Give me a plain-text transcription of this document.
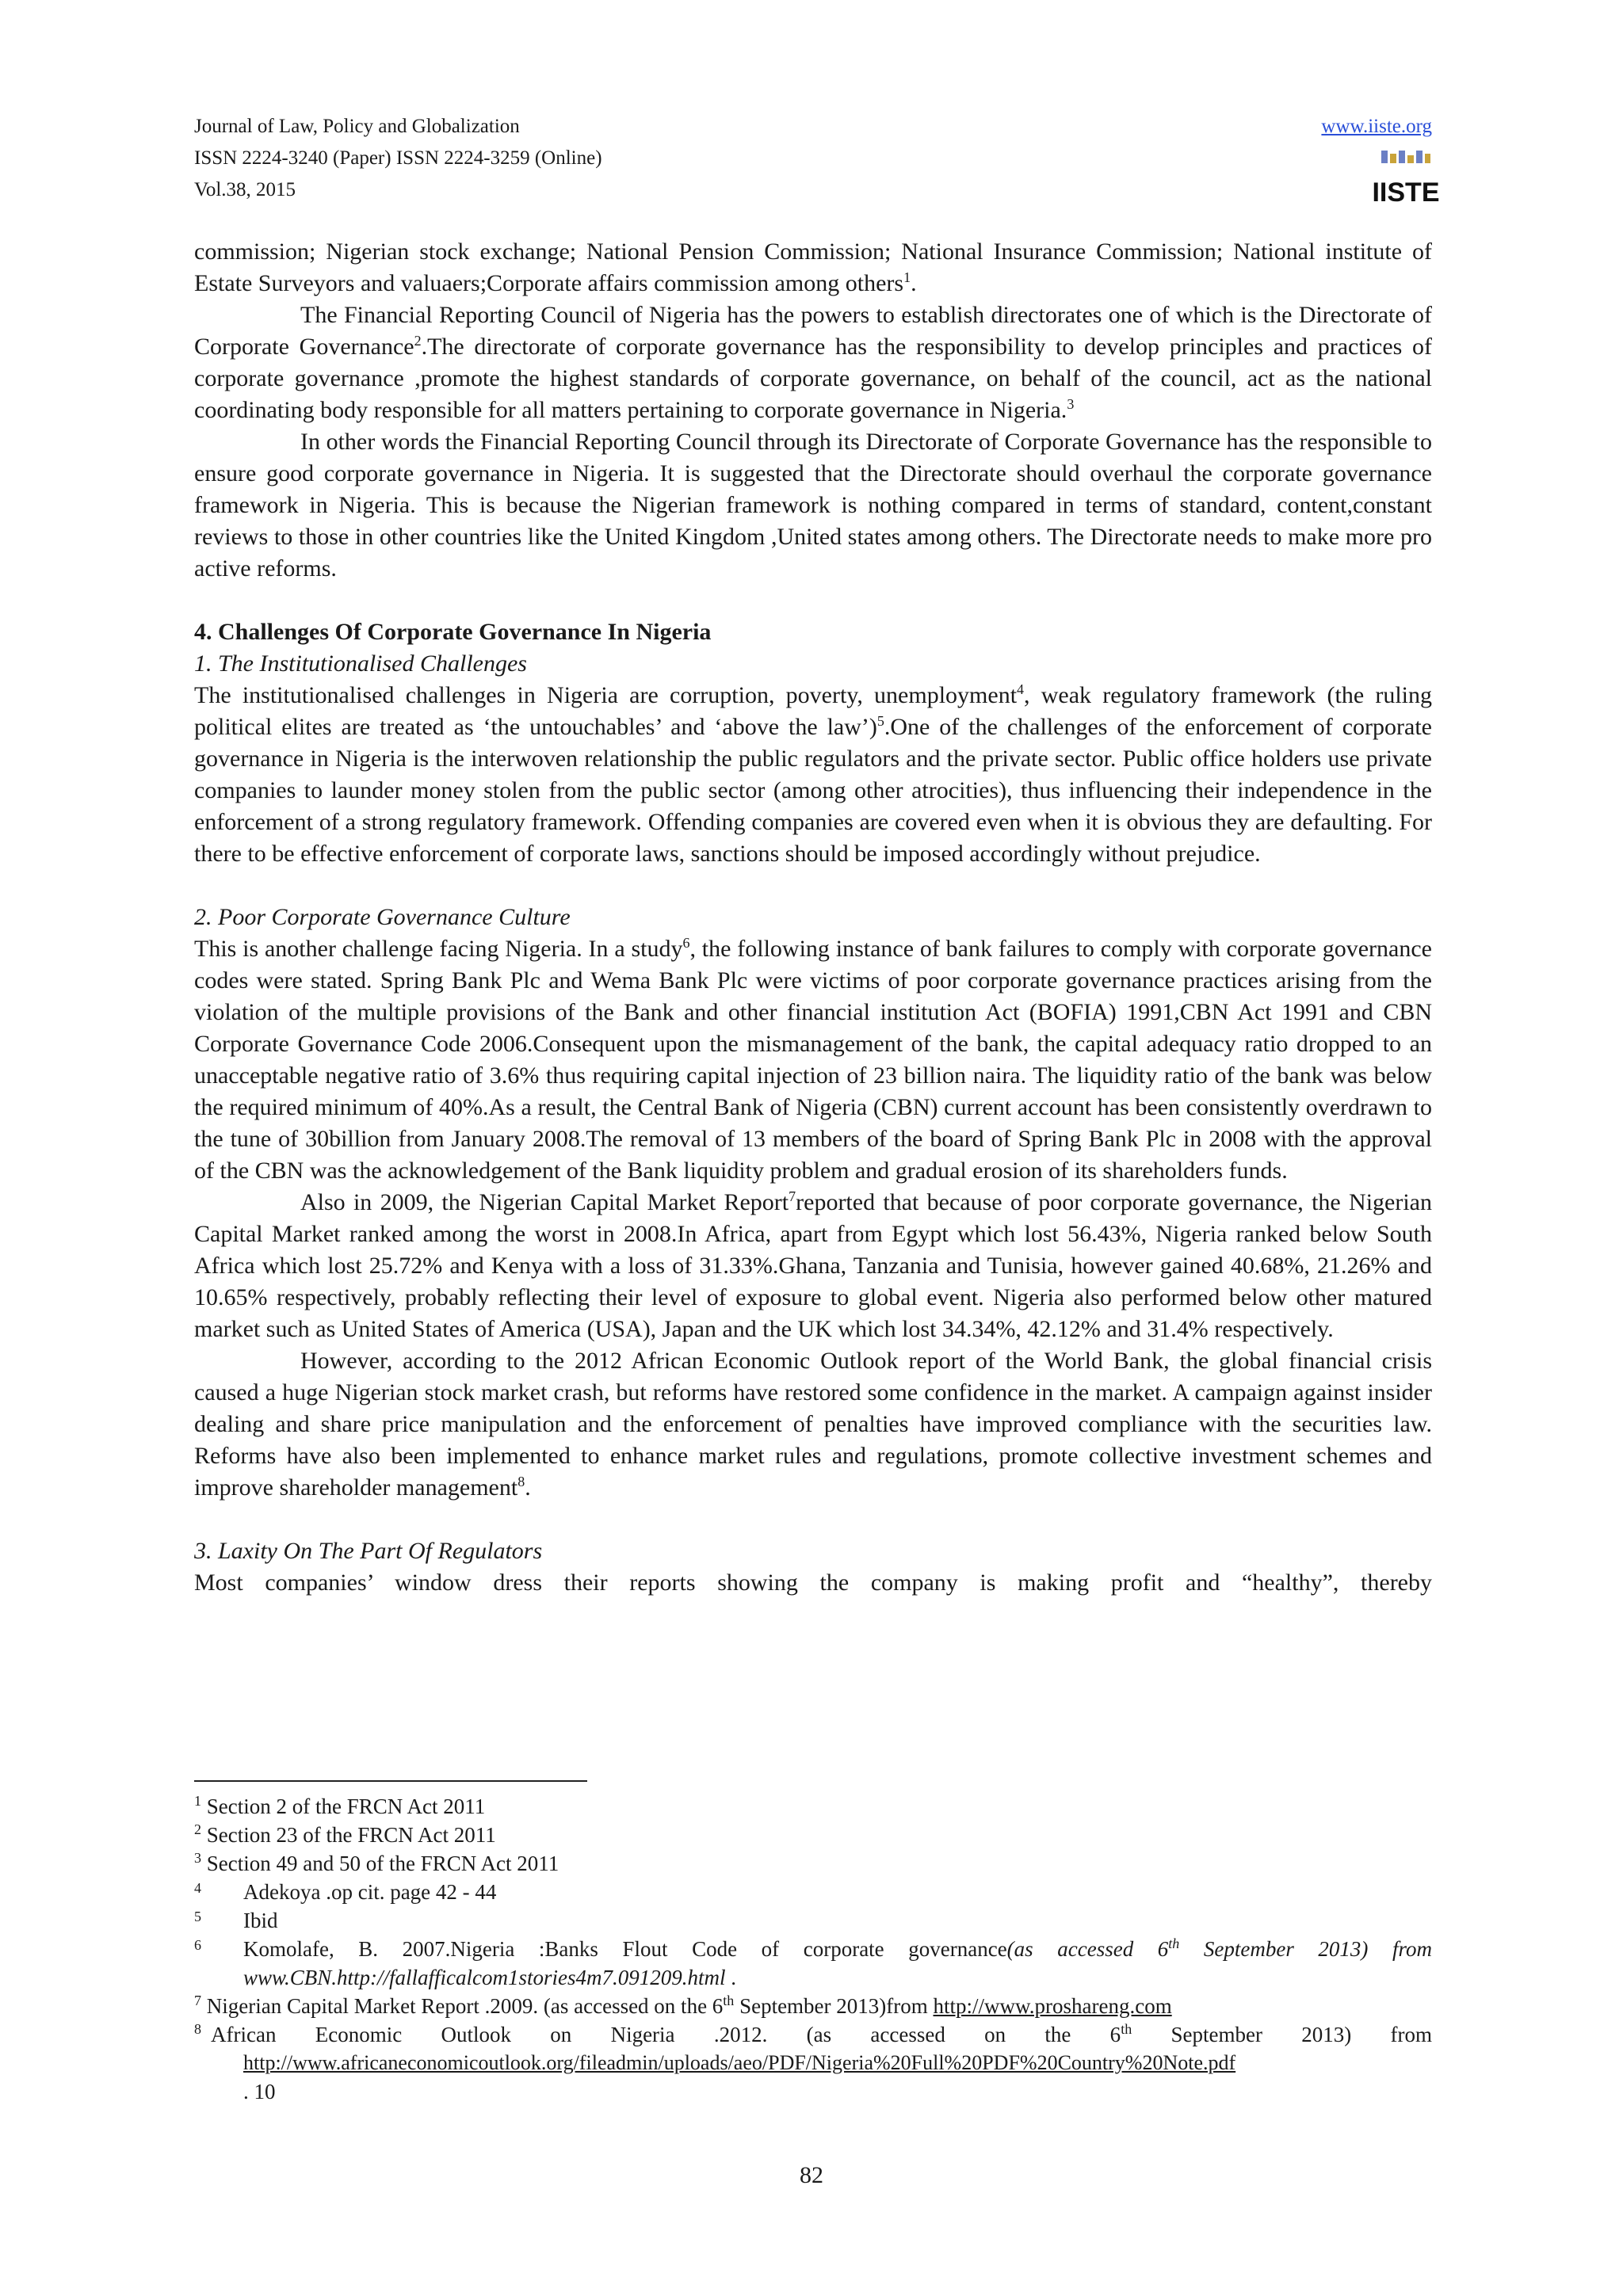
Journal of Law, Policy and Globalization
ISSN 2224-3240 (Paper) ISSN 2224-3259 (Online)
Vol.38, 2015
www.iiste.org
IISTE

commission; Nigerian stock exchange; National Pension Commission; National Insurance Commission; National institute of Estate Surveyors and valuaers;Corporate affairs commission among others$^1$.

The Financial Reporting Council of Nigeria has the powers to establish directorates one of which is the Directorate of Corporate Governance$^2$.The directorate of corporate governance has the responsibility to develop principles and practices of corporate governance ,promote the highest standards of corporate governance, on behalf of the council, act as the national coordinating body responsible for all matters pertaining to corporate governance in Nigeria.$^3$

In other words the Financial Reporting Council through its Directorate of Corporate Governance has the responsible to ensure good corporate governance in Nigeria. It is suggested that the Directorate should overhaul the corporate governance framework in Nigeria. This is because the Nigerian framework is nothing compared in terms of standard, content,constant reviews to those in other countries like the United Kingdom ,United states among others. The Directorate needs to make more pro active reforms.

4. Challenges Of Corporate Governance In Nigeria

1. The Institutionalised Challenges

The institutionalised challenges in Nigeria are corruption, poverty, unemployment$^4$, weak regulatory framework (the ruling political elites are treated as ‘the untouchables’ and ‘above the law’)$^5$.One of the challenges of the enforcement of corporate governance in Nigeria is the interwoven relationship the public regulators and the private sector. Public office holders use private companies to launder money stolen from the public sector (among other atrocities), thus influencing their independence in the enforcement of a strong regulatory framework. Offending companies are covered even when it is obvious they are defaulting. For there to be effective enforcement of corporate laws, sanctions should be imposed accordingly without prejudice.

2. Poor Corporate Governance Culture

This is another challenge facing Nigeria. In a study$^6$, the following instance of bank failures to comply with corporate governance codes were stated. Spring Bank Plc and Wema Bank Plc were victims of poor corporate governance practices arising from the violation of the multiple provisions of the Bank and other financial institution Act (BOFIA) 1991,CBN Act 1991 and CBN Corporate Governance Code 2006.Consequent upon the mismanagement of the bank, the capital adequacy ratio dropped to an unacceptable negative ratio of 3.6% thus requiring capital injection of 23 billion naira. The liquidity ratio of the bank was below the required minimum of 40%.As a result, the Central Bank of Nigeria (CBN) current account has been consistently overdrawn to the tune of 30billion from January 2008.The removal of 13 members of the board of Spring Bank Plc in 2008 with the approval of the CBN was the acknowledgement of the Bank liquidity problem and gradual erosion of its shareholders funds.

Also in 2009, the Nigerian Capital Market Report$^7$reported that because of poor corporate governance, the Nigerian Capital Market ranked among the worst in 2008.In Africa, apart from Egypt which lost 56.43%, Nigeria ranked below South Africa which lost 25.72% and Kenya with a loss of 31.33%.Ghana, Tanzania and Tunisia, however gained 40.68%, 21.26% and 10.65% respectively, probably reflecting their level of exposure to global event. Nigeria also performed below other matured market such as United States of America (USA), Japan and the UK which lost 34.34%, 42.12% and 31.4% respectively.

However, according to the 2012 African Economic Outlook report of the World Bank, the global financial crisis caused a huge Nigerian stock market crash, but reforms have restored some confidence in the market. A campaign against insider dealing and share price manipulation and the enforcement of penalties have improved compliance with the securities law. Reforms have also been implemented to enhance market rules and regulations, promote collective investment schemes and improve shareholder management$^8$.

3. Laxity On The Part Of Regulators

Most companies’ window dress their reports showing the company is making profit and “healthy”, thereby

$^1$ Section 2 of the FRCN Act 2011

$^2$ Section 23 of the FRCN Act 2011

$^3$ Section 49 and 50 of the FRCN Act 2011

4 Adekoya .op cit. page 42 - 44

5 Ibid

6 Komolafe, B. 2007.Nigeria :Banks Flout Code of corporate governance(as accessed 6th September 2013) from www.CBN.http://fallafficalcom1stories4m7.091209.html .

$^7$ Nigerian Capital Market Report .2009. (as accessed on the 6th September 2013)from http://www.proshareng.com

$^8$ African Economic Outlook on Nigeria .2012. (as accessed on the 6th September 2013) from

http://www.africaneconomicoutlook.org/fileadmin/uploads/aeo/PDF/Nigeria%20Full%20PDF%20Country%20Note.pdf

. 10

82
